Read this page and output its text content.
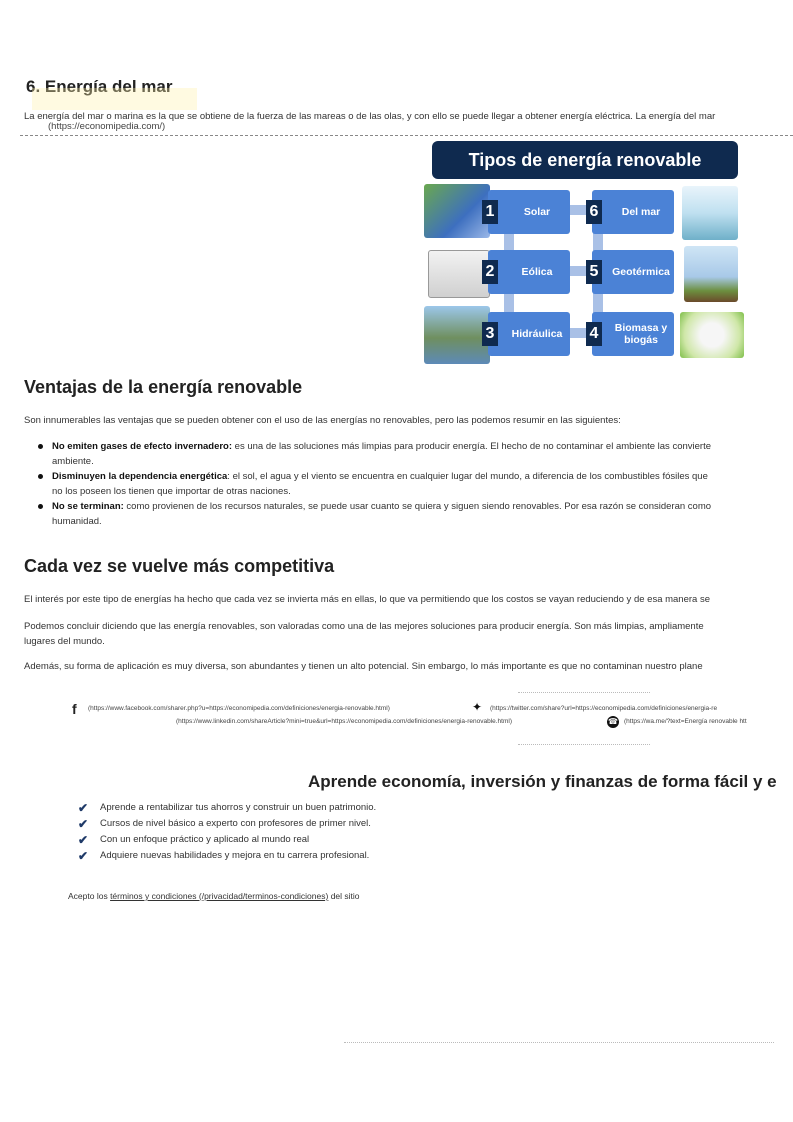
6. Energía del mar

La energía del mar o marina es la que se obtiene de la fuerza de las mareas o de las olas, y con ello se puede llegar a obtener energía eléctrica. La energía del mar

(https://economipedia.com/)
Tipos de energía renovable
1	Solar
2	Eólica
3	Hidráulica
6	Del mar
5	Geotérmica
4	Biomasa y biogás
Ventajas de la energía renovable

Son innumerables las ventajas que se pueden obtener con el uso de las energías no renovables, pero las podemos resumir en las siguientes:

No emiten gases de efecto invernadero: es una de las soluciones más limpias para producir energía. El hecho de no contaminar el ambiente las convierte
ambiente.
Disminuyen la dependencia energética: el sol, el agua y el viento se encuentra en cualquier lugar del mundo, a diferencia de los combustibles fósiles que
no los poseen los tienen que importar de otras naciones.
No se terminan: como provienen de los recursos naturales, se puede usar cuanto se quiera y siguen siendo renovables. Por esa razón se consideran como
humanidad.
Cada vez se vuelve más competitiva

El interés por este tipo de energías ha hecho que cada vez se invierta más en ellas, lo que va permitiendo que los costos se vayan reduciendo y de esa manera se

Podemos concluir diciendo que las energía renovables, son valoradas como una de las mejores soluciones para producir energía. Son más limpias, ampliamente

lugares del mundo.

Además, su forma de aplicación es muy diversa, son abundantes y tienen un alto potencial. Sin embargo, lo más importante es que no contaminan nuestro plane

f (https://www.facebook.com/sharer.php?u=https://economipedia.com/definiciones/energia-renovable.html)	✦	(https://twitter.com/share?url=https://economipedia.com/definiciones/energia-re
(https://www.linkedin.com/shareArticle?mini=true&url=https://economipedia.com/definiciones/energia-renovable.html)	☎ (https://wa.me/?text=Energía renovable htt
Aprende economía, inversión y finanzas de forma fácil y e
✔	Aprende a rentabilizar tus ahorros y construir un buen patrimonio.
✔	Cursos de nivel básico a experto con profesores de primer nivel.
✔	Con un enfoque práctico y aplicado al mundo real
✔	Adquiere nuevas habilidades y mejora en tu carrera profesional.
Acepto los términos y condiciones (/privacidad/terminos-condiciones) del sitio
